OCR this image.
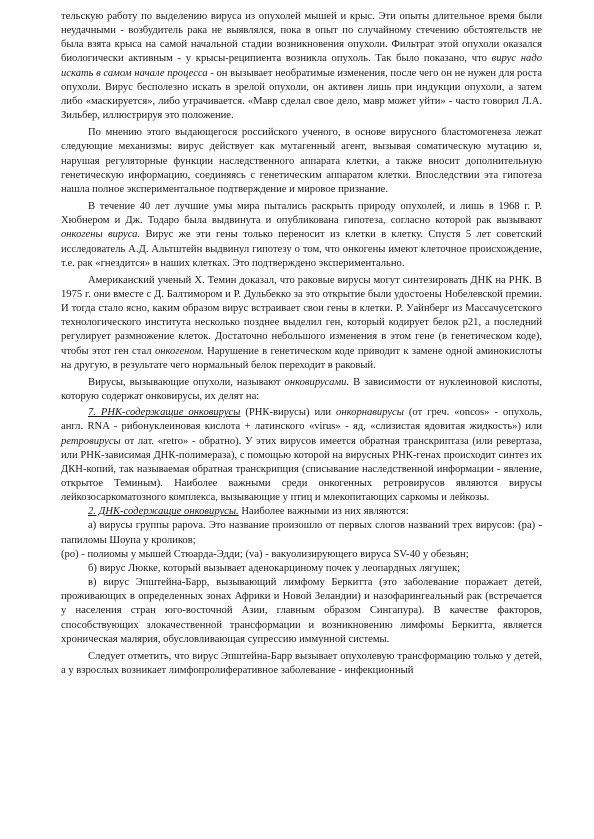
тельскую работу по выделению вируса из опухолей мышей и крыс. Эти опыты длительное время были неудачными - возбудитель рака не выявлялся, пока в опыт по случайному стечению обстоятельств не была взята крыса на самой начальной стадии возникновения опухоли. Фильтрат этой опухоли оказался биологически активным - у крысы-реципиента возникла опухоль. Так было показано, что вирус надо искать в самом начале процесса - он вызывает необратимые изменения, после чего он не нужен для роста опухоли. Вирус бесполезно искать в зрелой опухоли, он активен лишь при индукции опухоли, а затем либо «маскируется», либо утрачивается. «Мавр сделал свое дело, мавр может уйти» - часто говорил Л.А. Зильбер, иллюстрируя это положение.

По мнению этого выдающегося российского ученого, в основе вирусного бластомогенеза лежат следующие механизмы: вирус действует как мутагенный агент, вызывая соматическую мутацию и, нарушая регуляторные функции наследственного аппарата клетки, а также вносит дополнительную генетическую информацию, соединяясь с генетическим аппаратом клетки. Впоследствии эта гипотеза нашла полное экспериментальное подтверждение и мировое признание.

В течение 40 лет лучшие умы мира пытались раскрыть природу опухолей, и лишь в 1968 г. Р. Хюбнером и Дж. Тодаро была выдвинута и опубликована гипотеза, согласно которой рак вызывают онкогены вируса. Вирус же эти гены только переносит из клетки в клетку. Спустя 5 лет советский исследователь А.Д. Альтштейн выдвинул гипотезу о том, что онкогены имеют клеточное происхождение, т.е. рак «гнездится» в наших клетках. Это подтверждено экспериментально.

Американский ученый Х. Темин доказал, что раковые вирусы могут синтезировать ДНК на РНК. В 1975 г. они вместе с Д. Балтимором и Р. Дульбекко за это открытие были удостоены Нобелевской премии. И тогда стало ясно, каким образом вирус встраивает свои гены в клетки. Р. Уайнберг из Массачусетского технологического института несколько позднее выделил ген, который кодирует белок p21, а последний регулирует размножение клеток. Достаточно небольшого изменения в этом гене (в генетическом коде), чтобы этот ген стал онкогеном. Нарушение в генетическом коде приводит к замене одной аминокислоты на другую, в результате чего нормальный белок переходит в раковый.

Вирусы, вызывающие опухоли, называют онковирусами. В зависимости от нуклеиновой кислоты, которую содержат онковирусы, их делят на:

7. РНК-содержащие онковирусы (РНК-вирусы) или онкорнавирусы (от греч. «oncos» - опухоль, англ. RNA - рибонуклеиновая кислота + латинского «virus» - яд, «слизистая ядовитая жидкость») или ретровирусы от лат. «retro» - обратно). У этих вирусов имеется обратная транскриптаза (или ревертаза, или РНК-зависимая ДНК-полимераза), с помощью которой на вирусных РНК-генах происходит синтез их ДКН-копий, так называемая обратная транскрипция (списывание наследственной информации - явление, открытое Теминым). Наиболее важными среди онкогенных ретровирусов являются вирусы лейкозосаркоматозного комплекса, вызывающие у птиц и млекопитающих саркомы и лейкозы.

2. ДНК-содержащие онковирусы. Наиболее важными из них являются:

а) вирусы группы papova. Это название произошло от первых слогов названий трех вирусов: (pa) - папиломы Шоупа у кроликов;

(po) - полиомы у мышей Стюарда-Эдди; (va) - вакуолизирующего вируса SV-40 у обезьян;

б) вирус Люкке, который вызывает аденокарциному почек у леопардных лягушек;

в) вирус Эпштейна-Барр, вызывающий лимфому Беркитта (это заболевание поражает детей, проживающих в определенных зонах Африки и Новой Зеландии) и назофарингеальный рак (встречается у населения стран юго-восточной Азии, главным образом Сингапура). В качестве факторов, способствующих злокачественной трансформации и возникновению лимфомы Беркитта, является хроническая малярия, обусловливающая супрессию иммунной системы.

Следует отметить, что вирус Эпштейна-Барр вызывает опухолевую трансформацию только у детей, а у взрослых возникает лимфопролиферативное заболевание - инфекционный
